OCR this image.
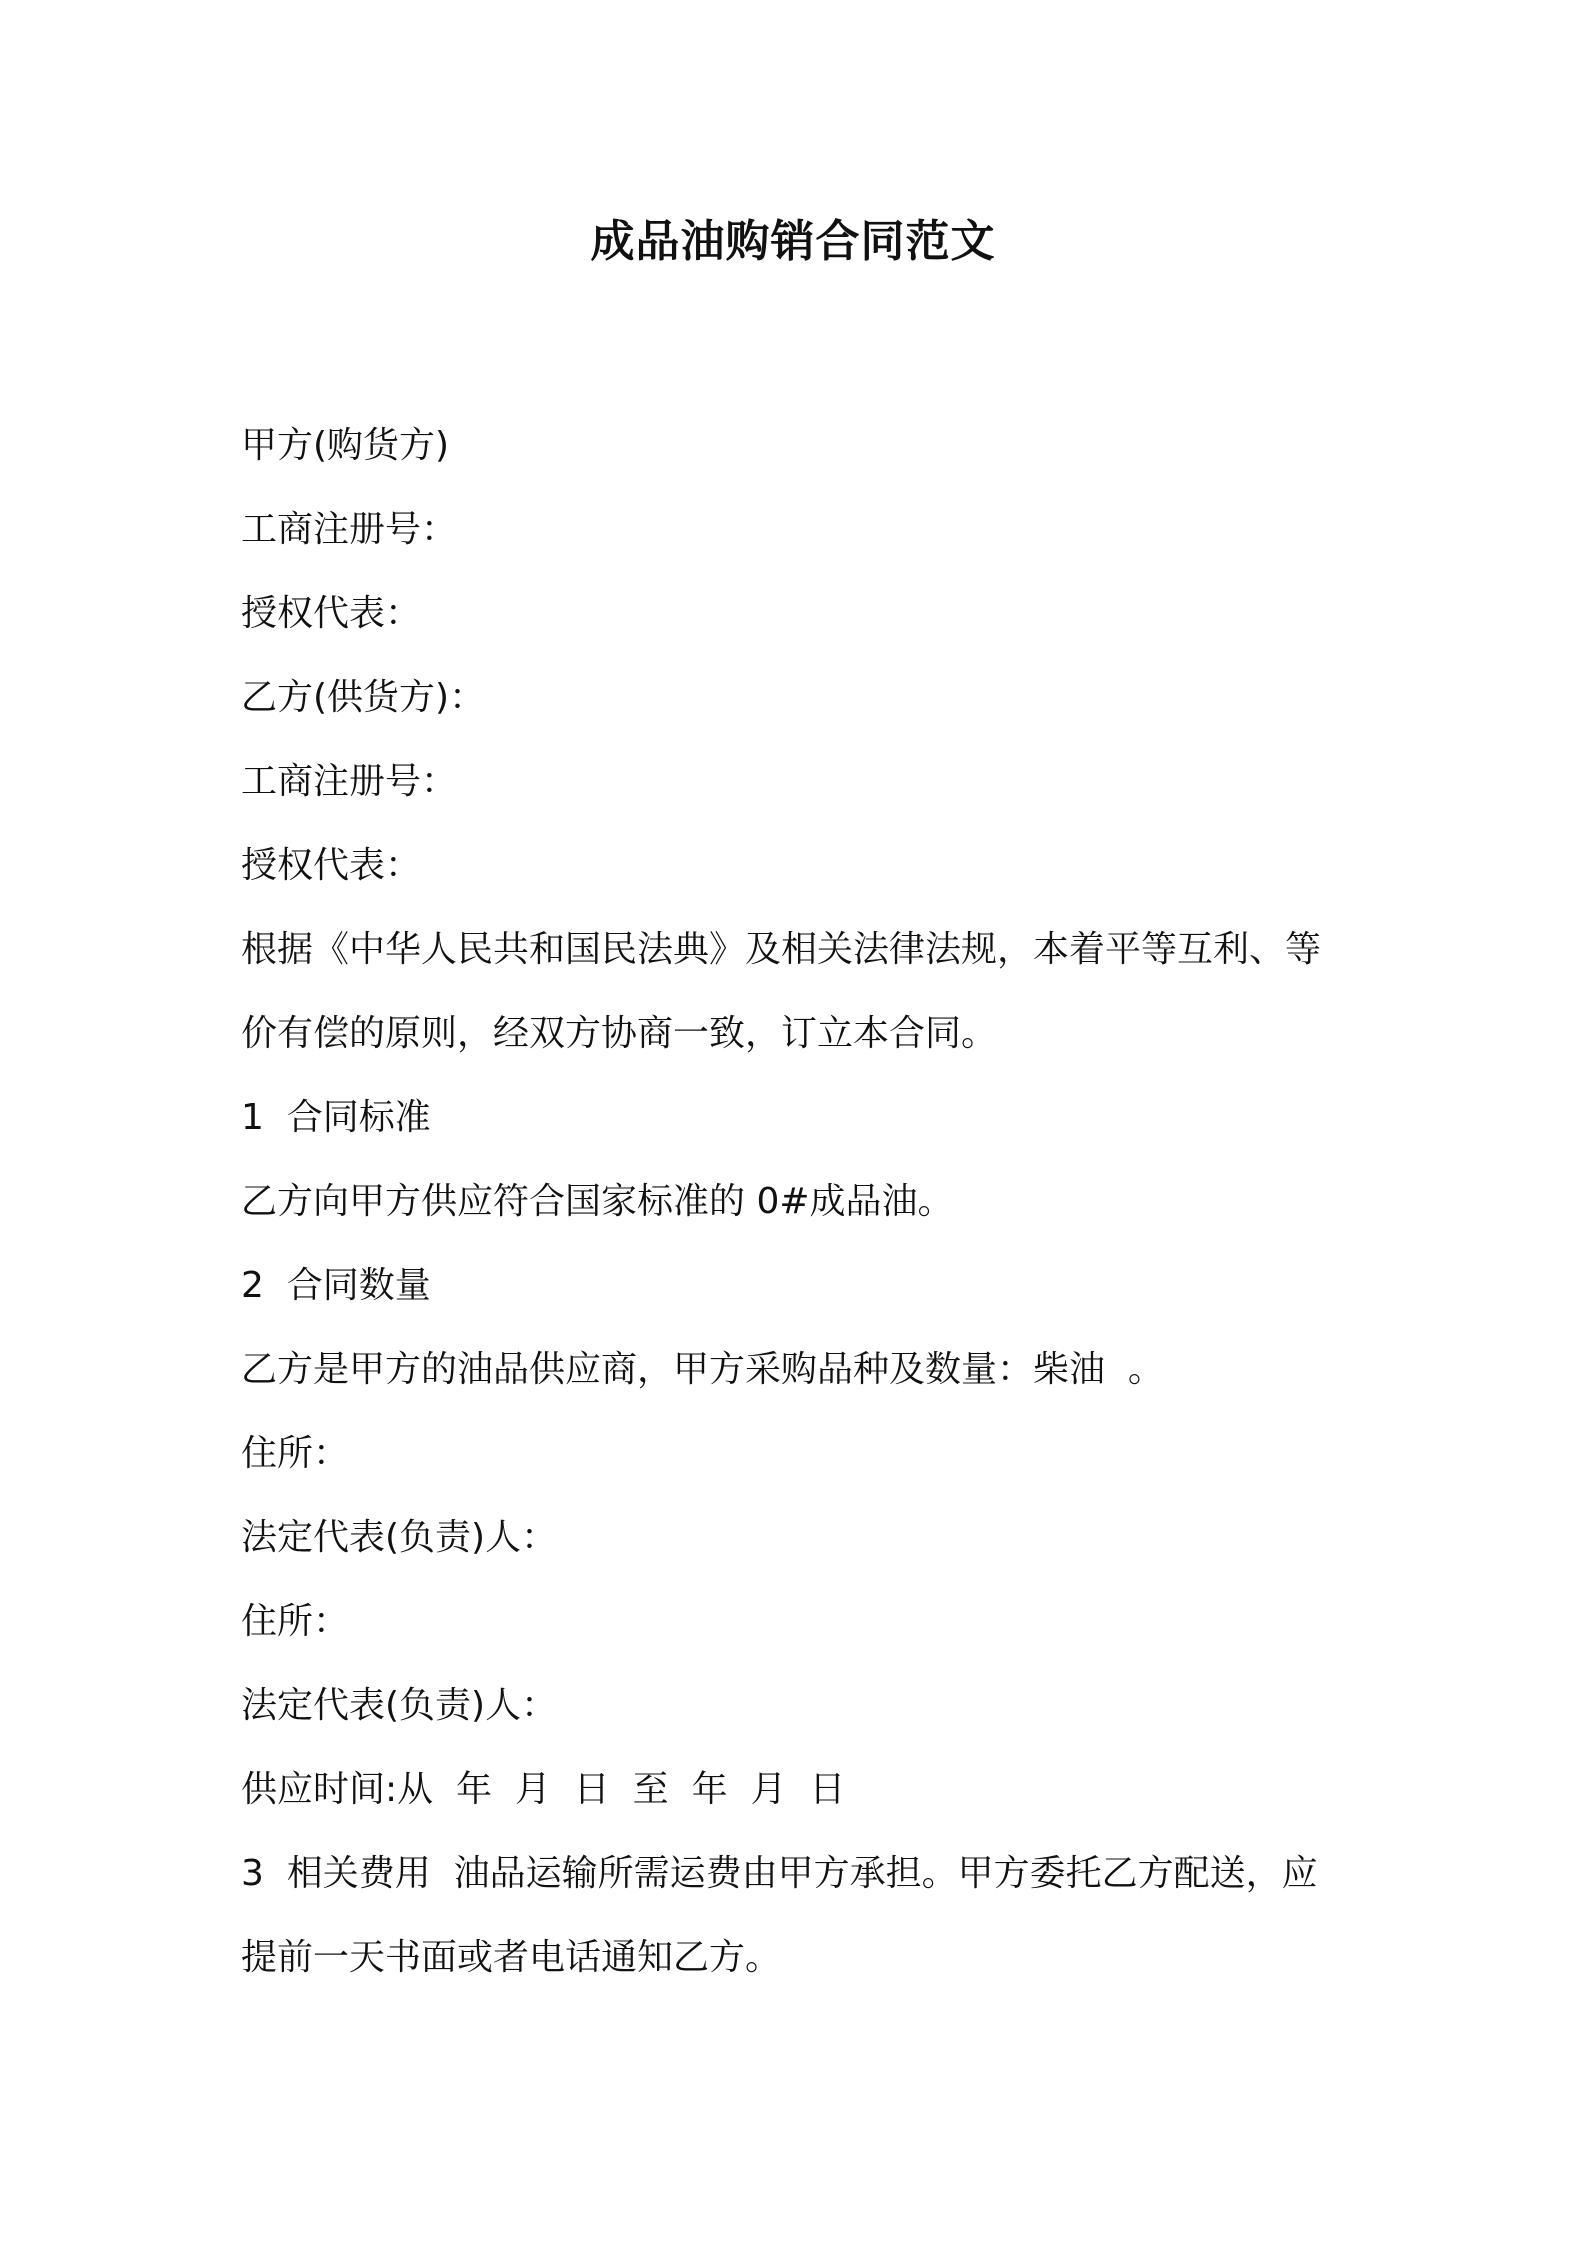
成品油购销合同范文
甲方(购货方)
工商注册号：
授权代表：
乙方(供货方)：
工商注册号：
授权代表：
根据《中华人民共和国民法典》及相关法律法规，本着平等互利、等
价有偿的原则，经双方协商一致，订立本合同。
1  合同标准
乙方向甲方供应符合国家标准的 0#成品油。
2  合同数量
乙方是甲方的油品供应商，甲方采购品种及数量：柴油  。
住所：
法定代表(负责)人：
住所：
法定代表(负责)人：
供应时间:从  年  月  日  至  年  月  日
3  相关费用  油品运输所需运费由甲方承担。甲方委托乙方配送，应
提前一天书面或者电话通知乙方。
